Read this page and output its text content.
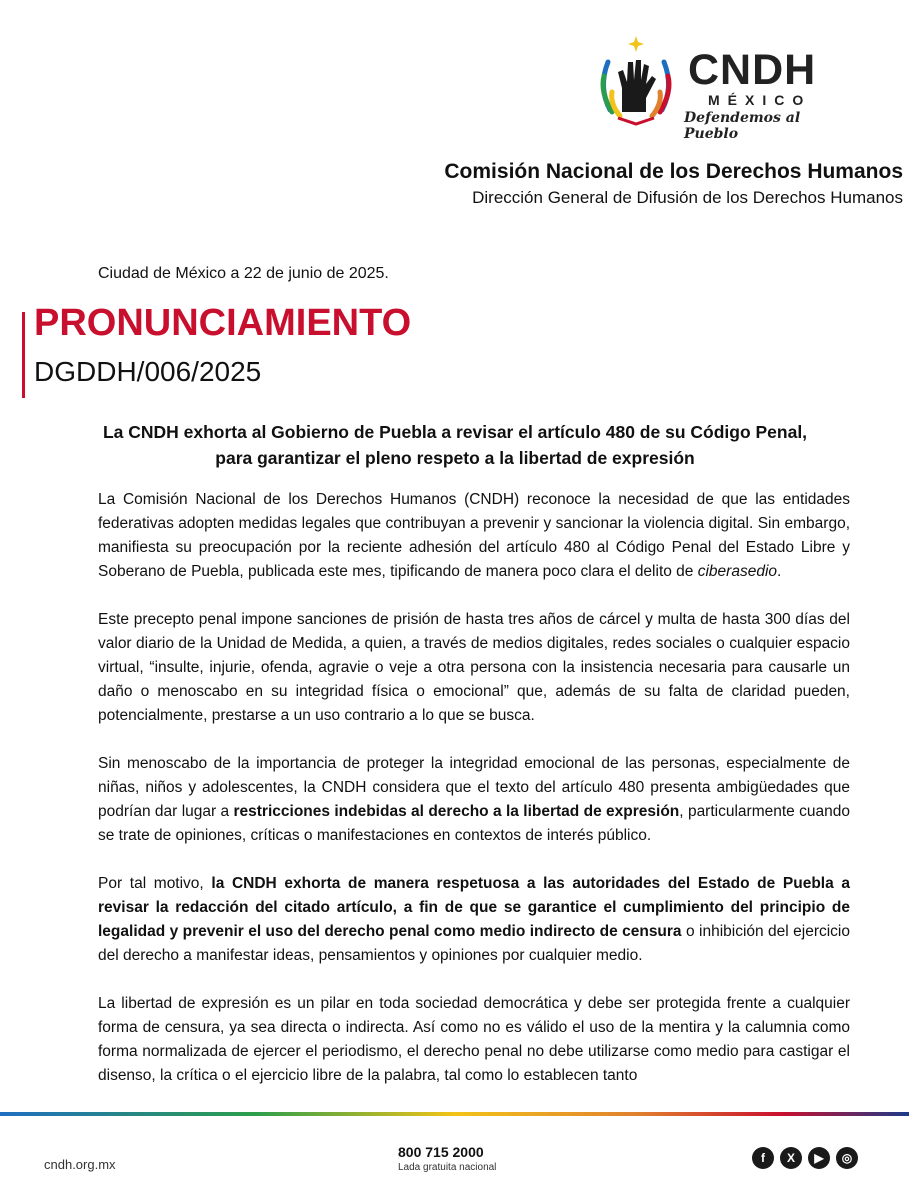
CNDH
MÉXICO
Defendemos al Pueblo
Comisión Nacional de los Derechos Humanos
Dirección General de Difusión de los Derechos Humanos
Ciudad de México a 22 de junio de 2025.
PRONUNCIAMIENTO
DGDDH/006/2025
La CNDH exhorta al Gobierno de Puebla a revisar el artículo 480 de su Código Penal,
para garantizar el pleno respeto a la libertad de expresión

La Comisión Nacional de los Derechos Humanos (CNDH) reconoce la necesidad de que las entidades federativas adopten medidas legales que contribuyan a prevenir y sancionar la violencia digital. Sin embargo, manifiesta su preocupación por la reciente adhesión del artículo 480 al Código Penal del Estado Libre y Soberano de Puebla, publicada este mes, tipificando de manera poco clara el delito de ciberasedio.

Este precepto penal impone sanciones de prisión de hasta tres años de cárcel y multa de hasta 300 días del valor diario de la Unidad de Medida, a quien, a través de medios digitales, redes sociales o cualquier espacio virtual, “insulte, injurie, ofenda, agravie o veje a otra persona con la insistencia necesaria para causarle un daño o menoscabo en su integridad física o emocional” que, además de su falta de claridad pueden, potencialmente, prestarse a un uso contrario a lo que se busca.

Sin menoscabo de la importancia de proteger la integridad emocional de las personas, especialmente de niñas, niños y adolescentes, la CNDH considera que el texto del artículo 480 presenta ambigüedades que podrían dar lugar a restricciones indebidas al derecho a la libertad de expresión, particularmente cuando se trate de opiniones, críticas o manifestaciones en contextos de interés público.

Por tal motivo, la CNDH exhorta de manera respetuosa a las autoridades del Estado de Puebla a revisar la redacción del citado artículo, a fin de que se garantice el cumplimiento del principio de legalidad y prevenir el uso del derecho penal como medio indirecto de censura o inhibición del ejercicio del derecho a manifestar ideas, pensamientos y opiniones por cualquier medio.

La libertad de expresión es un pilar en toda sociedad democrática y debe ser protegida frente a cualquier forma de censura, ya sea directa o indirecta. Así como no es válido el uso de la mentira y la calumnia como forma normalizada de ejercer el periodismo, el derecho penal no debe utilizarse como medio para castigar el disenso, la crítica o el ejercicio libre de la palabra, tal como lo establecen tanto

cndh.org.mx
800 715 2000
Lada gratuita nacional
f	X	▶	◎
